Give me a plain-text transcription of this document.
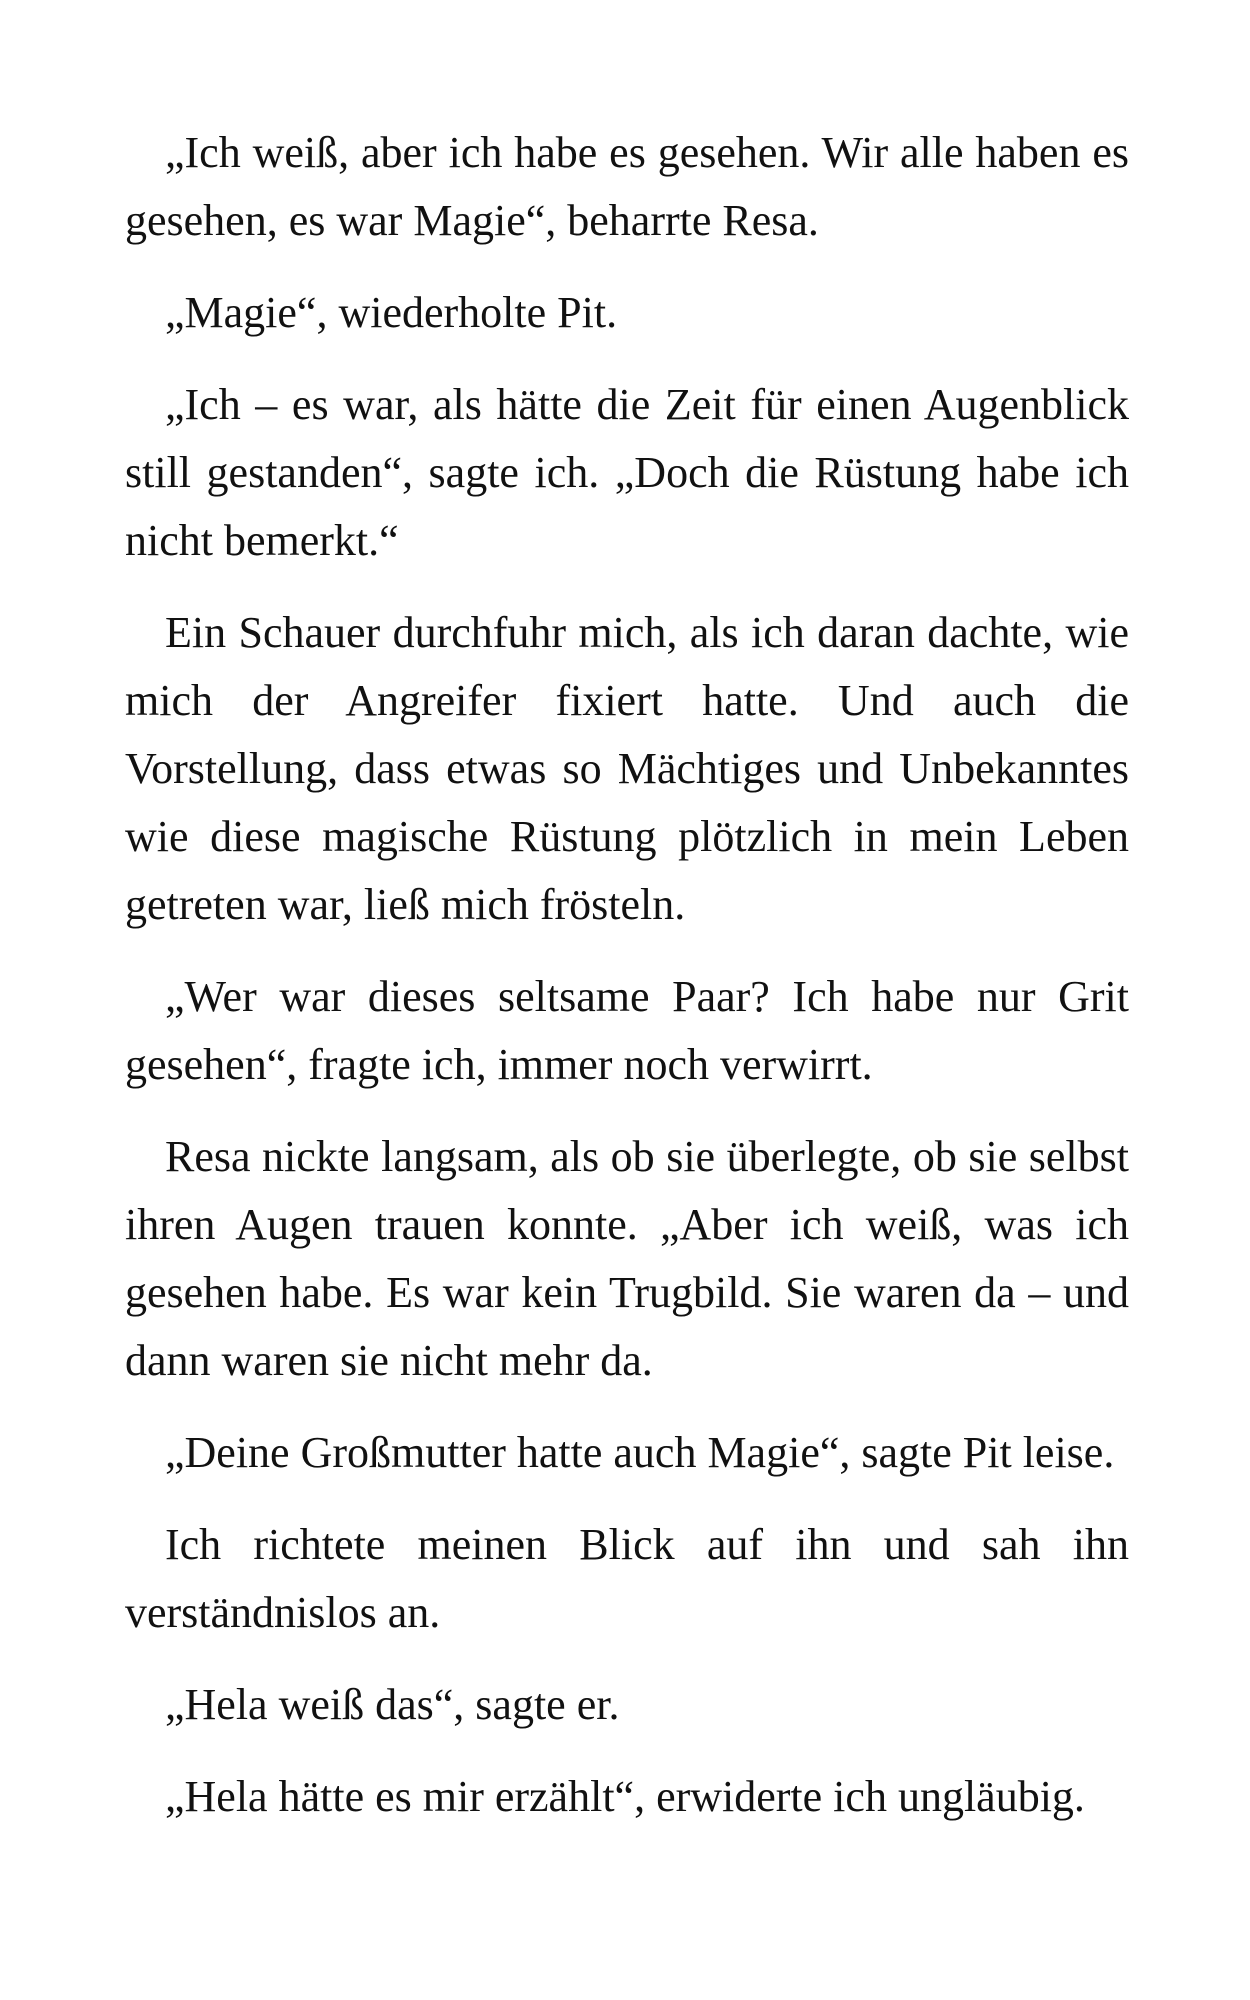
„Ich weiß, aber ich habe es gesehen. Wir alle haben es gesehen, es war Magie“, beharrte Resa.

„Magie“, wiederholte Pit.

„Ich – es war, als hätte die Zeit für einen Augenblick still gestanden“, sagte ich. „Doch die Rüstung habe ich nicht bemerkt.“

Ein Schauer durchfuhr mich, als ich daran dachte, wie mich der Angreifer fixiert hatte. Und auch die Vorstellung, dass etwas so Mächtiges und Unbekanntes wie diese magische Rüstung plötzlich in mein Leben getreten war, ließ mich frösteln.

„Wer war dieses seltsame Paar? Ich habe nur Grit gesehen“, fragte ich, immer noch verwirrt.

Resa nickte langsam, als ob sie überlegte, ob sie selbst ihren Augen trauen konnte. „Aber ich weiß, was ich gesehen habe. Es war kein Trugbild. Sie waren da – und dann waren sie nicht mehr da.

„Deine Großmutter hatte auch Magie“, sagte Pit leise.

Ich richtete meinen Blick auf ihn und sah ihn verständnislos an.

„Hela weiß das“, sagte er.

„Hela hätte es mir erzählt“, erwiderte ich ungläubig.
